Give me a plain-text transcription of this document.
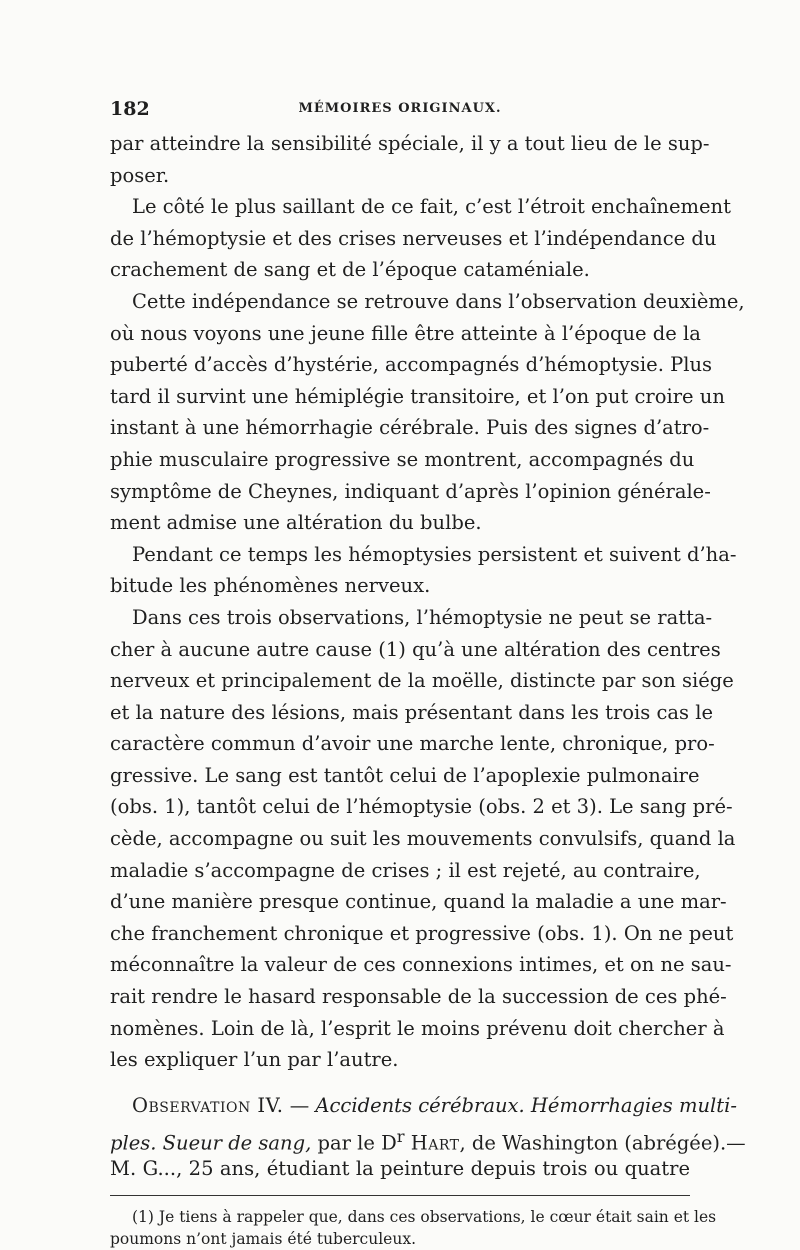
182	MÉMOIRES ORIGINAUX.
par atteindre la sensibilité spéciale, il y a tout lieu de le sup-
poser.
Le côté le plus saillant de ce fait, c’est l’étroit enchaînement
de l’hémoptysie et des crises nerveuses et l’indépendance du
crachement de sang et de l’époque cataméniale.
Cette indépendance se retrouve dans l’observation deuxième,
où nous voyons une jeune fille être atteinte à l’époque de la
puberté d’accès d’hystérie, accompagnés d’hémoptysie. Plus
tard il survint une hémiplégie transitoire, et l’on put croire un
instant à une hémorrhagie cérébrale. Puis des signes d’atro-
phie musculaire progressive se montrent, accompagnés du
symptôme de Cheynes, indiquant d’après l’opinion générale-
ment admise une altération du bulbe.
Pendant ce temps les hémoptysies persistent et suivent d’ha-
bitude les phénomènes nerveux.
Dans ces trois observations, l’hémoptysie ne peut se ratta-
cher à aucune autre cause (1) qu’à une altération des centres
nerveux et principalement de la moëlle, distincte par son siége
et la nature des lésions, mais présentant dans les trois cas le
caractère commun d’avoir une marche lente, chronique, pro-
gressive. Le sang est tantôt celui de l’apoplexie pulmonaire
(obs. 1), tantôt celui de l’hémoptysie (obs. 2 et 3). Le sang pré-
cède, accompagne ou suit les mouvements convulsifs, quand la
maladie s’accompagne de crises ; il est rejeté, au contraire,
d’une manière presque continue, quand la maladie a une mar-
che franchement chronique et progressive (obs. 1). On ne peut
méconnaître la valeur de ces connexions intimes, et on ne sau-
rait rendre le hasard responsable de la succession de ces phé-
nomènes. Loin de là, l’esprit le moins prévenu doit chercher à
les expliquer l’un par l’autre.
Observation IV. — Accidents cérébraux. Hémorrhagies multi-
ples. Sueur de sang, par le $D^r$ Hart, de Washington (abrégée).—
M. G..., 25 ans, étudiant la peinture depuis trois ou quatre
(1) Je tiens à rappeler que, dans ces observations, le cœur était sain et les
poumons n’ont jamais été tuberculeux.
